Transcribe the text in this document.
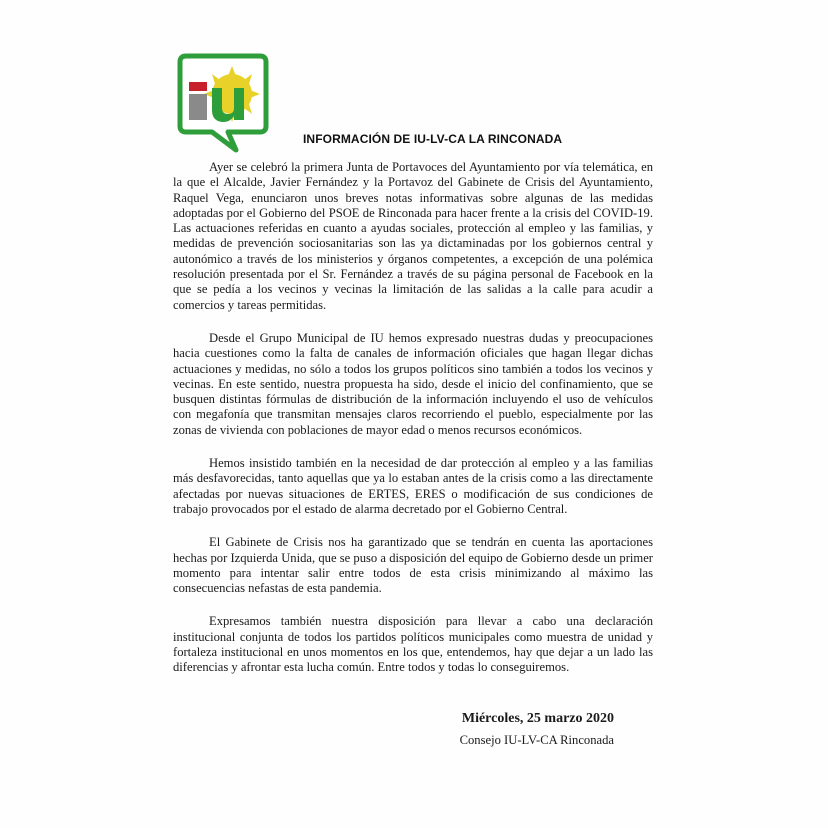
INFORMACIÓN DE IU-LV-CA LA RINCONADA

Ayer se celebró la primera Junta de Portavoces del Ayuntamiento por vía telemática, en la que el Alcalde, Javier Fernández y la Portavoz del Gabinete de Crisis del Ayuntamiento, Raquel Vega, enunciaron unos breves notas informativas sobre algunas de las medidas adoptadas por el Gobierno del PSOE de Rinconada para hacer frente a la crisis del COVID-19. Las actuaciones referidas en cuanto a ayudas sociales, protección al empleo y las familias, y medidas de prevención sociosanitarias son las ya dictaminadas por los gobiernos central y autonómico a través de los ministerios y órganos competentes, a excepción de una polémica resolución presentada por el Sr. Fernández a través de su página personal de Facebook en la que se pedía a los vecinos y vecinas la limitación de las salidas a la calle para acudir a comercios y tareas permitidas.

Desde el Grupo Municipal de IU hemos expresado nuestras dudas y preocupaciones hacia cuestiones como la falta de canales de información oficiales que hagan llegar dichas actuaciones y medidas, no sólo a todos los grupos políticos sino también a todos los vecinos y vecinas. En este sentido, nuestra propuesta ha sido, desde el inicio del confinamiento, que se busquen distintas fórmulas de distribución de la información incluyendo el uso de vehículos con megafonía que transmitan mensajes claros recorriendo el pueblo, especialmente por las zonas de vivienda con poblaciones de mayor edad o menos recursos económicos.

Hemos insistido también en la necesidad de dar protección al empleo y a las familias más desfavorecidas, tanto aquellas que ya lo estaban antes de la crisis como a las directamente afectadas por nuevas situaciones de ERTES, ERES o modificación de sus condiciones de trabajo provocados por el estado de alarma decretado por el Gobierno Central.

El Gabinete de Crisis nos ha garantizado que se tendrán en cuenta las aportaciones hechas por Izquierda Unida, que se puso a disposición del equipo de Gobierno desde un primer momento para intentar salir entre todos de esta crisis minimizando al máximo las consecuencias nefastas de esta pandemia.

Expresamos también nuestra disposición para llevar a cabo una declaración institucional conjunta de todos los partidos políticos municipales como muestra de unidad y fortaleza institucional en unos momentos en los que, entendemos, hay que dejar a un lado las diferencias y afrontar esta lucha común. Entre todos y todas lo conseguiremos.

Miércoles, 25 marzo 2020
Consejo IU-LV-CA Rinconada
